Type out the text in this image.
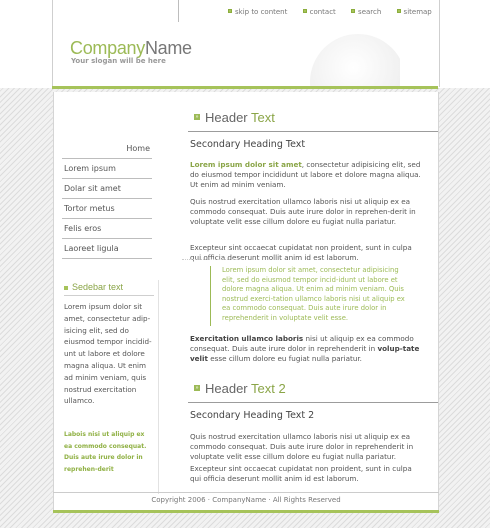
skip to content	contact	search	sitemap
CompanyName
Your slogan will be here
Home
Lorem ipsum
Dolar sit amet
Tortor metus
Felis eros
Laoreet ligula
Sedebar text
Lorem ipsum dolor sit amet, consectetur adip-isicing elit, sed do eiusmod tempor incidid-unt ut labore et dolore magna aliqua. Ut enim ad minim veniam, quis nostrud exercitation ullamco.
Labois nisi ut aliquip ex ea commodo consequat. Duis aute irure dolor in reprehen-derit
» Header Text
Secondary Heading Text
Lorem ipsum dolor sit amet, consectetur adipisicing elit, sed do eiusmod tempor incididunt ut labore et dolore magna aliqua. Ut enim ad minim veniam.
Quis nostrud exercitation ullamco laboris nisi ut aliquip ex ea commodo consequat. Duis aute irure dolor in reprehen-derit in voluptate velit esse cillum dolore eu fugiat nulla pariatur.
Excepteur sint occaecat cupidatat non proident, sunt in culpa qui officia deserunt mollit anim id est laborum.
Lorem ipsum dolor sit amet, consectetur adipisicing elit, sed do eiusmod tempor incid-idunt ut labore et dolore magna aliqua. Ut enim ad minim veniam. Quis nostrud exerci-tation ullamco laboris nisi ut aliquip ex ea commodo consequat. Duis aute irure dolor in reprehenderit in voluptate velit esse.
Exercitation ullamco laboris nisi ut aliquip ex ea commodo consequat. Duis aute irure dolor in reprehenderit in volup-tate velit esse cillum dolore eu fugiat nulla pariatur.
» Header Text 2
Secondary Heading Text 2
Quis nostrud exercitation ullamco laboris nisi ut aliquip ex ea commodo consequat. Duis aute irure dolor in reprehenderit in voluptate velit esse cillum dolore eu fugiat nulla pariatur.
Excepteur sint occaecat cupidatat non proident, sunt in culpa qui officia deserunt mollit anim id est laborum.
Copyright 2006 · CompanyName · All Rights Reserved
